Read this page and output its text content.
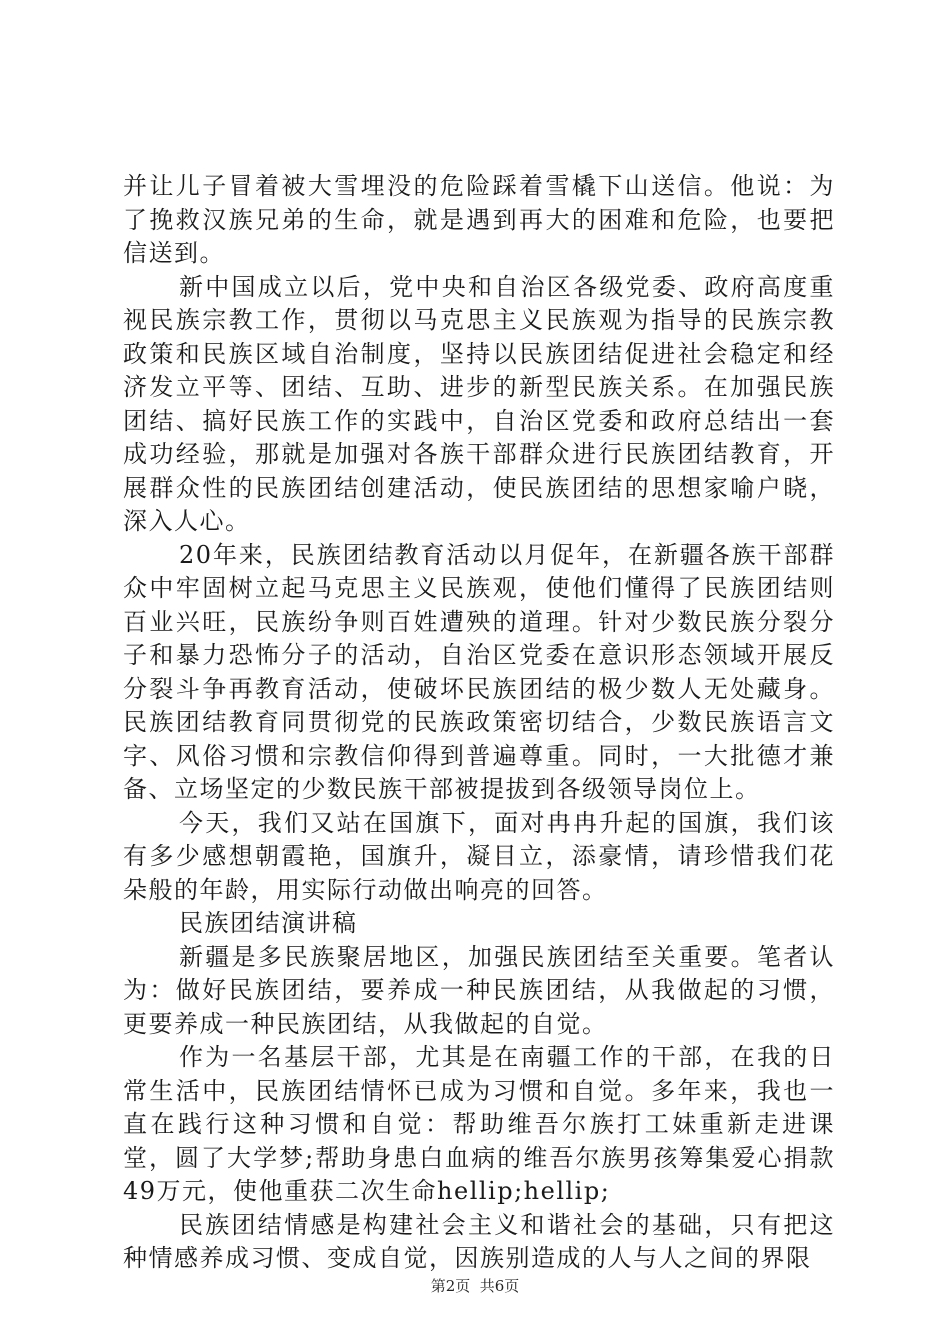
并让儿子冒着被大雪埋没的危险踩着雪橇下山送信。他说：为了挽救汉族兄弟的生命，就是遇到再大的困难和危险，也要把信送到。

新中国成立以后，党中央和自治区各级党委、政府高度重视民族宗教工作，贯彻以马克思主义民族观为指导的民族宗教政策和民族区域自治制度，坚持以民族团结促进社会稳定和经济发立平等、团结、互助、进步的新型民族关系。在加强民族团结、搞好民族工作的实践中，自治区党委和政府总结出一套成功经验，那就是加强对各族干部群众进行民族团结教育，开展群众性的民族团结创建活动，使民族团结的思想家喻户晓，深入人心。

20年来，民族团结教育活动以月促年，在新疆各族干部群众中牢固树立起马克思主义民族观，使他们懂得了民族团结则百业兴旺，民族纷争则百姓遭殃的道理。针对少数民族分裂分子和暴力恐怖分子的活动，自治区党委在意识形态领域开展反分裂斗争再教育活动，使破坏民族团结的极少数人无处藏身。民族团结教育同贯彻党的民族政策密切结合，少数民族语言文字、风俗习惯和宗教信仰得到普遍尊重。同时，一大批德才兼备、立场坚定的少数民族干部被提拔到各级领导岗位上。

今天，我们又站在国旗下，面对冉冉升起的国旗，我们该有多少感想朝霞艳，国旗升，凝目立，添豪情，请珍惜我们花朵般的年龄，用实际行动做出响亮的回答。

民族团结演讲稿

新疆是多民族聚居地区，加强民族团结至关重要。笔者认为：做好民族团结，要养成一种民族团结，从我做起的习惯，更要养成一种民族团结，从我做起的自觉。

作为一名基层干部，尤其是在南疆工作的干部，在我的日常生活中，民族团结情怀已成为习惯和自觉。多年来，我也一直在践行这种习惯和自觉：帮助维吾尔族打工妹重新走进课堂，圆了大学梦;帮助身患白血病的维吾尔族男孩筹集爱心捐款49万元，使他重获二次生命hellip;hellip;

民族团结情感是构建社会主义和谐社会的基础，只有把这种情感养成习惯、变成自觉，因族别造成的人与人之间的界限

第2页  共6页
